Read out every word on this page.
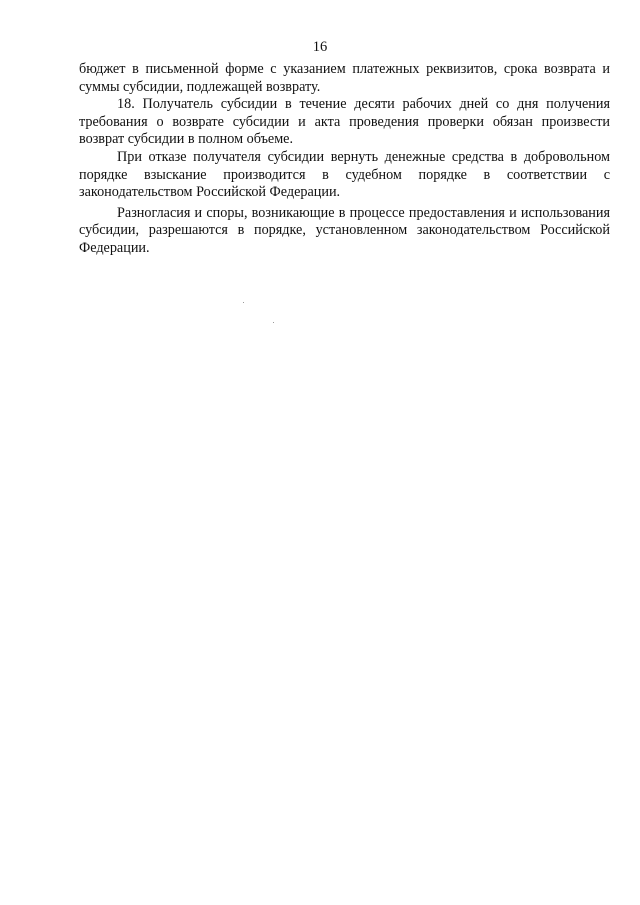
16

бюджет в письменной форме с указанием платежных реквизитов, срока возврата и суммы субсидии, подлежащей возврату.

18. Получатель субсидии в течение десяти рабочих дней со дня получения требования о возврате субсидии и акта проведения проверки обязан произвести возврат субсидии в полном объеме.

При отказе получателя субсидии вернуть денежные средства в добровольном порядке взыскание производится в судебном порядке в соответствии с законодательством Российской Федерации.

Разногласия и споры, возникающие в процессе предоставления и использования субсидии, разрешаются в порядке, установленном законодательством Российской Федерации.
